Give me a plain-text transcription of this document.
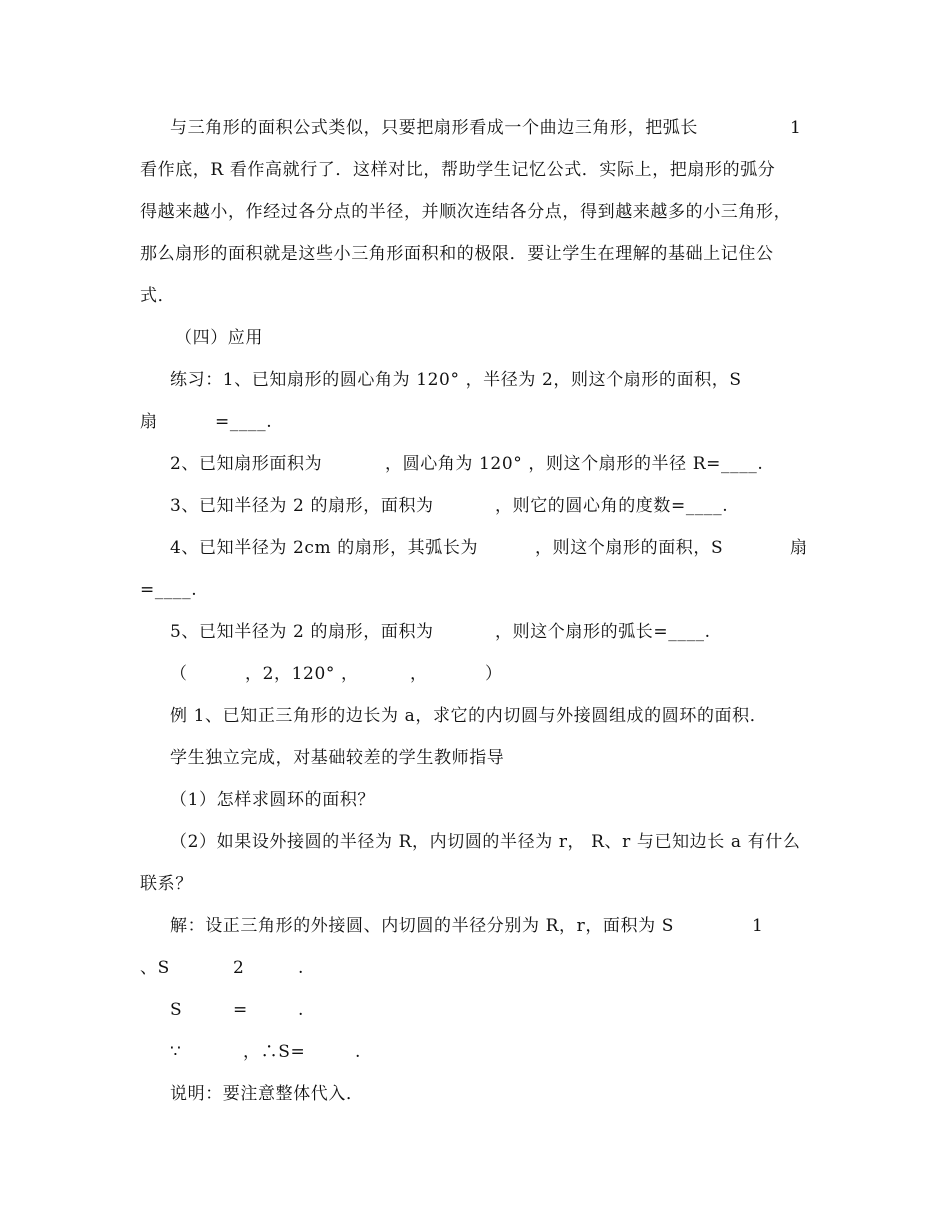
与三角形的面积公式类似，只要把扇形看成一个曲边三角形，把弧长	1
看作底，R 看作高就行了．这样对比，帮助学生记忆公式．实际上，把扇形的弧分
得越来越小，作经过各分点的半径，并顺次连结各分点，得到越来越多的小三角形，
那么扇形的面积就是这些小三角形面积和的极限．要让学生在理解的基础上记住公
式．
（四）应用
练习：1、已知扇形的圆心角为 120° ，半径为 2，则这个扇形的面积，S
扇	=____.
2、已知扇形面积为	，圆心角为 120° ，则这个扇形的半径 R=____.
3、已知半径为 2 的扇形，面积为	，则它的圆心角的度数=____.
4、已知半径为 2cm 的扇形，其弧长为	，则这个扇形的面积，S	扇
=____.
5、已知半径为 2 的扇形，面积为	，则这个扇形的弧长=____.
（	，2，120° ，	，	）
例 1、已知正三角形的边长为 a，求它的内切圆与外接圆组成的圆环的面积．
学生独立完成，对基础较差的学生教师指导
（1）怎样求圆环的面积？
（2）如果设外接圆的半径为 R，内切圆的半径为 r， R、r 与已知边长 a 有什么
联系？
解：设正三角形的外接圆、内切圆的半径分别为 R，r，面积为 S	1
、S	2	.
S	=	.
∵	，∴S=	.
说明：要注意整体代入．
